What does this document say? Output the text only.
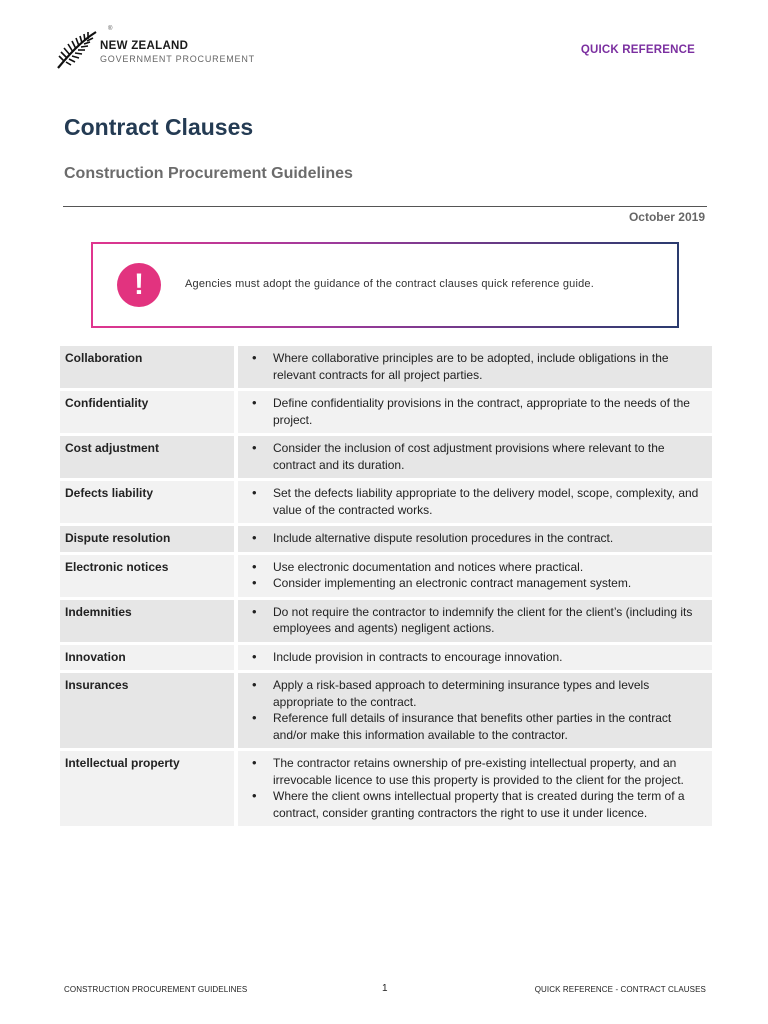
®
NEW ZEALAND
GOVERNMENT PROCUREMENT
QUICK REFERENCE
Contract Clauses
Construction Procurement Guidelines
October 2019
!	Agencies must adopt the guidance of the contract clauses quick reference guide.
Collaboration	• Where collaborative principles are to be adopted, include obligations in the relevant contracts for all project parties.
Confidentiality	• Define confidentiality provisions in the contract, appropriate to the needs of the project.
Cost adjustment	• Consider the inclusion of cost adjustment provisions where relevant to the contract and its duration.
Defects liability	• Set the defects liability appropriate to the delivery model, scope, complexity, and value of the contracted works.
Dispute resolution	• Include alternative dispute resolution procedures in the contract.
Electronic notices	• Use electronic documentation and notices where practical.
• Consider implementing an electronic contract management system.
Indemnities	• Do not require the contractor to indemnify the client for the client’s (including its employees and agents) negligent actions.
Innovation	• Include provision in contracts to encourage innovation.
Insurances	• Apply a risk-based approach to determining insurance types and levels appropriate to the contract.
• Reference full details of insurance that benefits other parties in the contract and/or make this information available to the contractor.
Intellectual property	• The contractor retains ownership of pre-existing intellectual property, and an irrevocable licence to use this property is provided to the client for the project.
• Where the client owns intellectual property that is created during the term of a contract, consider granting contractors the right to use it under licence.
CONSTRUCTION PROCUREMENT GUIDELINES	1	QUICK REFERENCE - CONTRACT CLAUSES
